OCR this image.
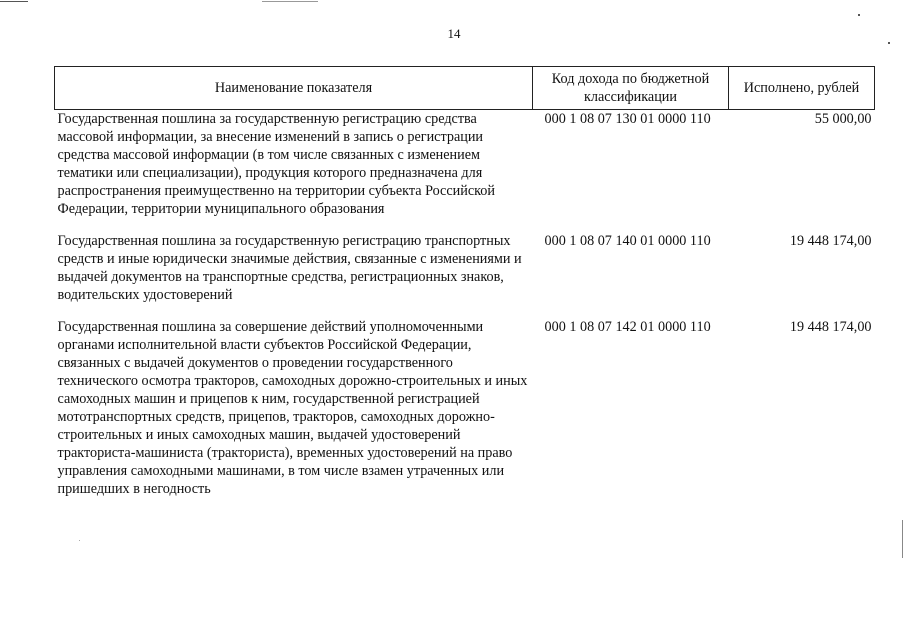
14
Наименование показателя	Код дохода по бюджетной классификации	Исполнено, рублей
Государственная пошлина за государственную регистрацию средства массовой информации, за внесение изменений в запись о регистрации средства массовой информации (в том числе связанных с изменением тематики или специализации), продукция которого предназначена для распространения преимущественно на территории субъекта Российской Федерации, территории муниципального образования	000 1 08 07 130 01 0000 110	55 000,00
Государственная пошлина за государственную регистрацию транспортных средств и иные юридически значимые действия, связанные с изменениями и выдачей документов на транспортные средства, регистрационных знаков, водительских удостоверений	000 1 08 07 140 01 0000 110	19 448 174,00
Государственная пошлина за совершение действий уполномоченными органами исполнительной власти субъектов Российской Федерации, связанных с выдачей документов о проведении государственного технического осмотра тракторов, самоходных дорожно-строительных и иных самоходных машин и прицепов к ним, государственной регистрацией мототранспортных средств, прицепов, тракторов, самоходных дорожно-строительных и иных самоходных машин, выдачей удостоверений тракториста-машиниста (тракториста), временных удостоверений на право управления самоходными машинами, в том числе взамен утраченных или пришедших в негодность	000 1 08 07 142 01 0000 110	19 448 174,00
